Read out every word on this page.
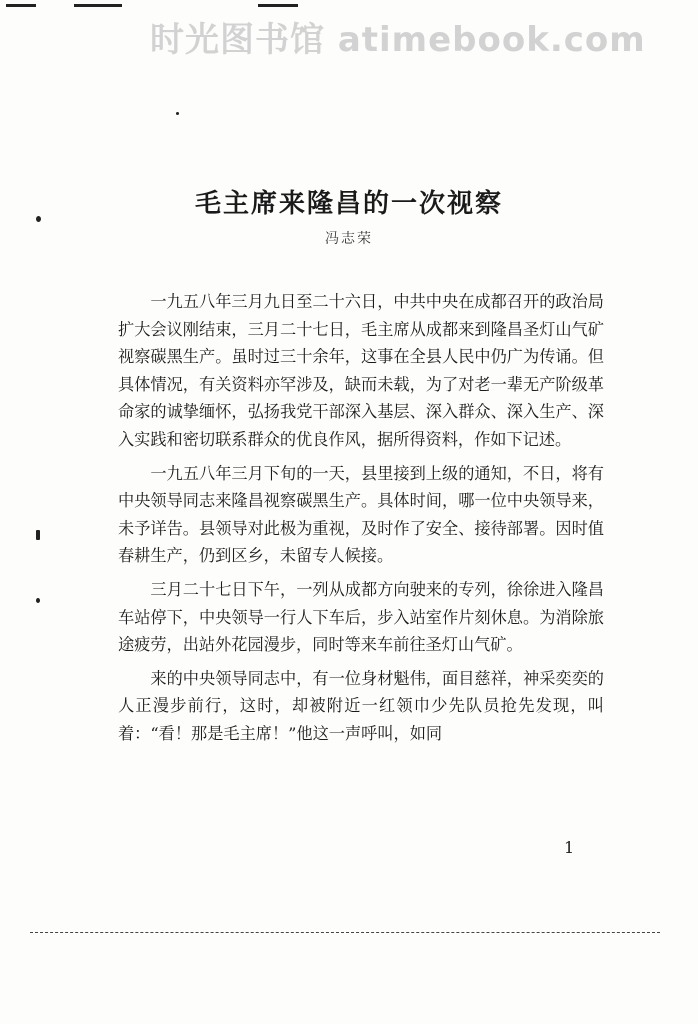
时光图书馆 atimebook.com
毛主席来隆昌的一次视察
冯志荣

一九五八年三月九日至二十六日，中共中央在成都召开的政治局扩大会议刚结束，三月二十七日，毛主席从成都来到隆昌圣灯山气矿视察碳黑生产。虽时过三十余年，这事在全县人民中仍广为传诵。但具体情况，有关资料亦罕涉及，缺而未载，为了对老一辈无产阶级革命家的诚挚缅怀，弘扬我党干部深入基层、深入群众、深入生产、深入实践和密切联系群众的优良作风，据所得资料，作如下记述。

一九五八年三月下旬的一天，县里接到上级的通知，不日，将有中央领导同志来隆昌视察碳黑生产。具体时间，哪一位中央领导来，未予详告。县领导对此极为重视，及时作了安全、接待部署。因时值春耕生产，仍到区乡，未留专人候接。

三月二十七日下午，一列从成都方向驶来的专列，徐徐进入隆昌车站停下，中央领导一行人下车后，步入站室作片刻休息。为消除旅途疲劳，出站外花园漫步，同时等来车前往圣灯山气矿。

来的中央领导同志中，有一位身材魁伟，面目慈祥，神采奕奕的人正漫步前行，这时，却被附近一红领巾少先队员抢先发现，叫着：“看！那是毛主席！”他这一声呼叫，如同

1
